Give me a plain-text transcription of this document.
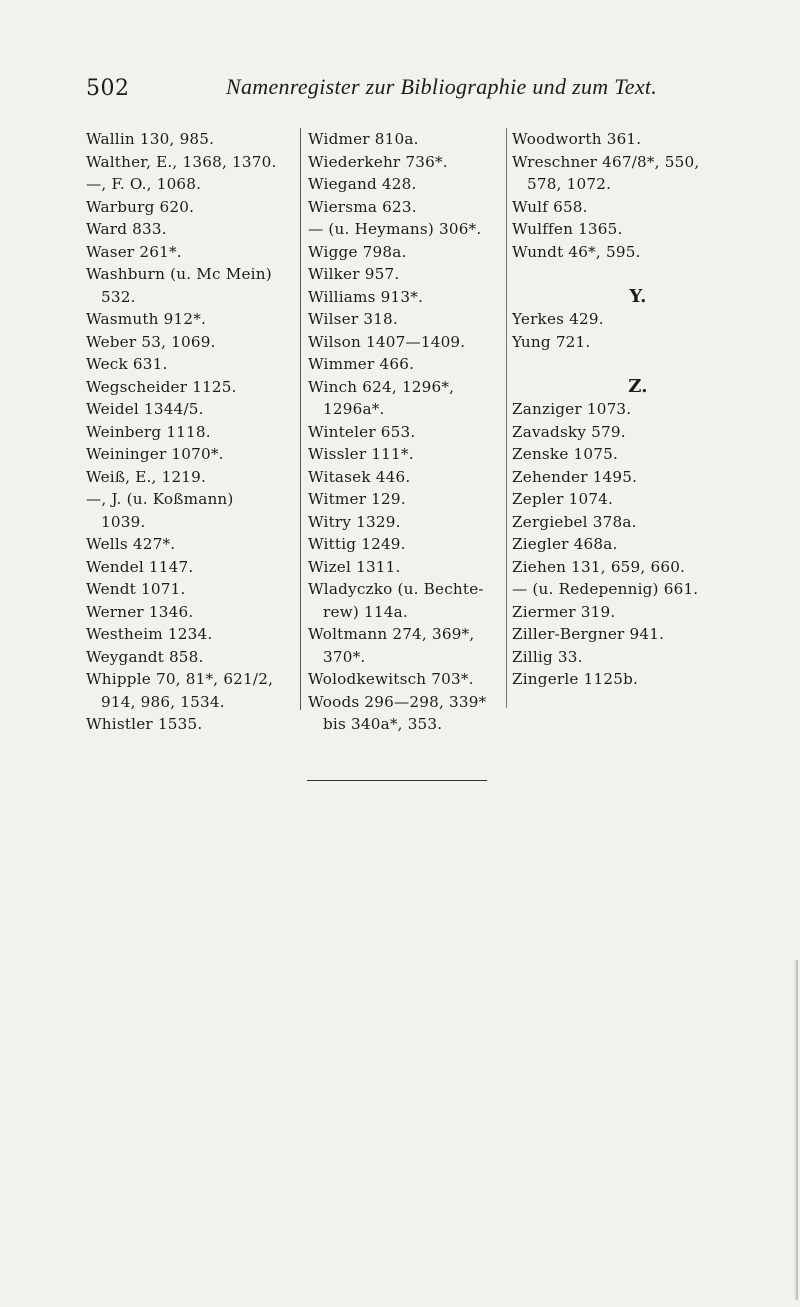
502	Namenregister zur Bibliographie und zum Text.
Wallin 130, 985.
Walther, E., 1368, 1370.
—, F. O., 1068.
Warburg 620.
Ward 833.
Waser 261*.
Washburn (u. Mc Mein)
532.
Wasmuth 912*.
Weber 53, 1069.
Weck 631.
Wegscheider 1125.
Weidel 1344/5.
Weinberg 1118.
Weininger 1070*.
Weiß, E., 1219.
—, J. (u. Koßmann)
1039.
Wells 427*.
Wendel 1147.
Wendt 1071.
Werner 1346.
Westheim 1234.
Weygandt 858.
Whipple 70, 81*, 621/2,
914, 986, 1534.
Whistler 1535.
Widmer 810a.
Wiederkehr 736*.
Wiegand 428.
Wiersma 623.
— (u. Heymans) 306*.
Wigge 798a.
Wilker 957.
Williams 913*.
Wilser 318.
Wilson 1407—1409.
Wimmer 466.
Winch 624, 1296*,
1296a*.
Winteler 653.
Wissler 111*.
Witasek 446.
Witmer 129.
Witry 1329.
Wittig 1249.
Wizel 1311.
Wladyczko (u. Bechte-
rew) 114a.
Woltmann 274, 369*,
370*.
Wolodkewitsch 703*.
Woods 296—298, 339*
bis 340a*, 353.
Woodworth 361.
Wreschner 467/8*, 550,
578, 1072.
Wulf 658.
Wulffen 1365.
Wundt 46*, 595.
Y.
Yerkes 429.
Yung 721.
Z.
Zanziger 1073.
Zavadsky 579.
Zenske 1075.
Zehender 1495.
Zepler 1074.
Zergiebel 378a.
Ziegler 468a.
Ziehen 131, 659, 660.
— (u. Redepennig) 661.
Ziermer 319.
Ziller-Bergner 941.
Zillig 33.
Zingerle 1125b.
